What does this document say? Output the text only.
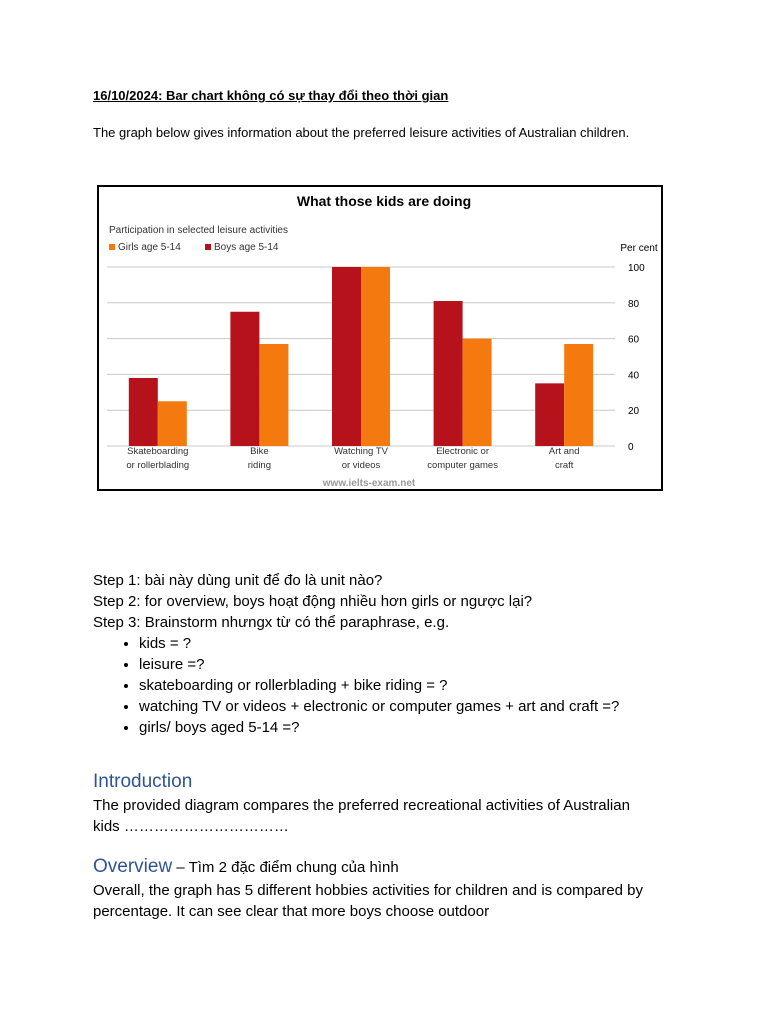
16/10/2024: Bar chart không có sự thay đổi theo thời gian
The graph below gives information about the preferred leisure activities of Australian children.
What those kids are doing
Participation in selected leisure activities
Per cent
Girls age 5-14	Boys age 5-14
0
20
40
60
80
100
Skateboarding
or rollerblading
Bike
riding
Watching TV
or videos
Electronic or
computer games
Art and
craft
www.ielts-exam.net
Step 1: bài này dùng unit để đo là unit nào?
Step 2: for overview, boys hoạt động nhiều hơn girls or ngược lại?
Step 3: Brainstorm nhưngx từ có thể paraphrase, e.g.
• kids = ?
• leisure =?
• skateboarding or rollerblading + bike riding = ?
• watching TV or videos + electronic or computer games + art and craft =?
• girls/ boys aged 5-14 =?
Introduction
The provided diagram compares the preferred recreational activities of Australian kids ……………………………
Overview – Tìm 2 đặc điểm chung của hình
Overall, the graph has 5 different hobbies activities for children and is compared by percentage. It can see clear that more boys choose outdoor
